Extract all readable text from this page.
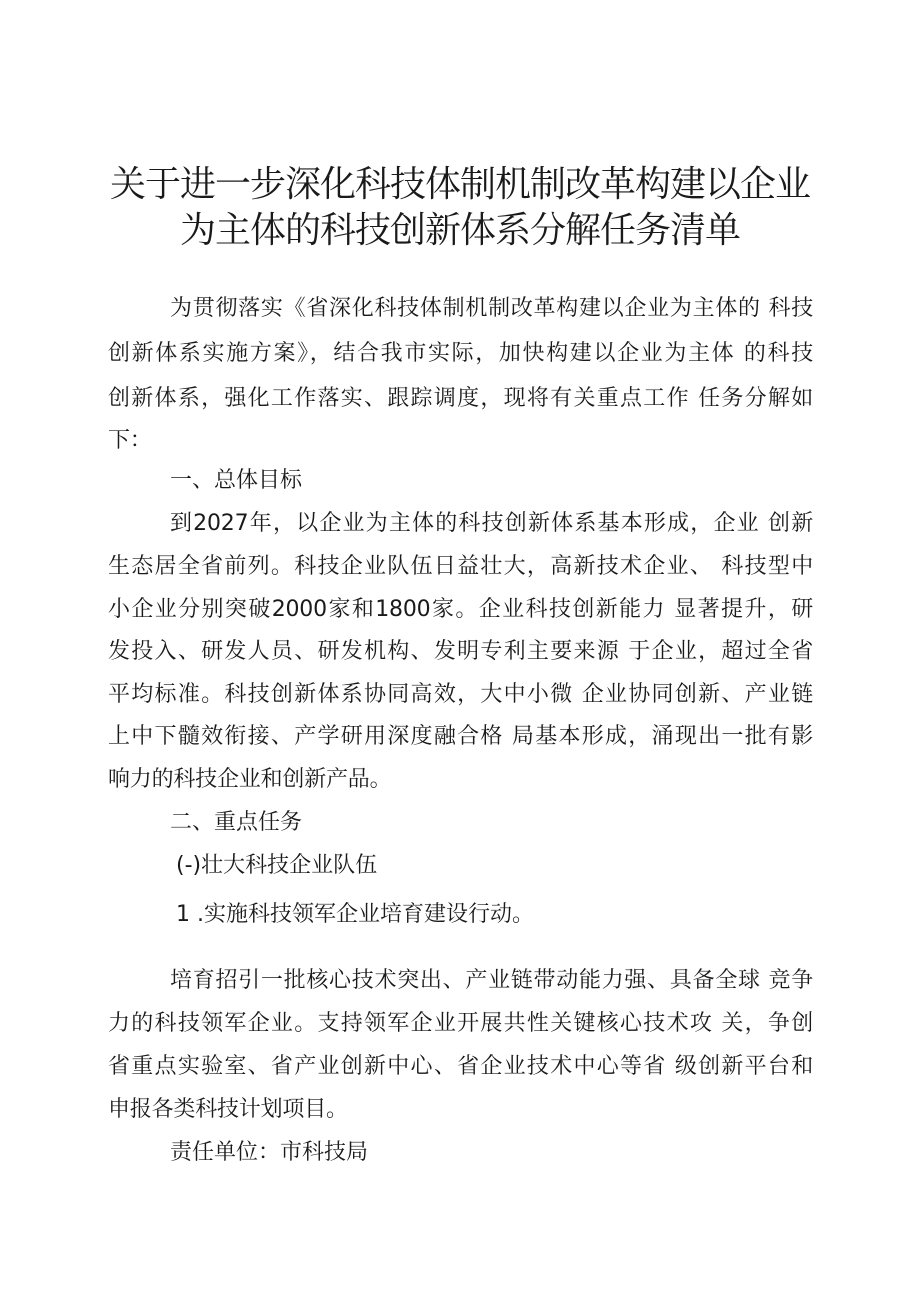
关于进一步深化科技体制机制改革构建以企业
为主体的科技创新体系分解任务清单
为贯彻落实《省深化科技体制机制改革构建以企业为主体的 科技
创新体系实施方案》，结合我市实际，加快构建以企业为主体 的科技
创新体系，强化工作落实、跟踪调度，现将有关重点工作 任务分解如
下：
一、总体目标
到2027年，以企业为主体的科技创新体系基本形成，企业 创新
生态居全省前列。科技企业队伍日益壮大，高新技术企业、 科技型中
小企业分别突破2000家和1800家。企业科技创新能力 显著提升，研
发投入、研发人员、研发机构、发明专利主要来源 于企业，超过全省
平均标准。科技创新体系协同高效，大中小微 企业协同创新、产业链
上中下髓效衔接、产学研用深度融合格 局基本形成，涌现出一批有影
响力的科技企业和创新产品。
二、重点任务
(-)壮大科技企业队伍
1 .实施科技领军企业培育建设行动。
培育招引一批核心技术突出、产业链带动能力强、具备全球 竞争
力的科技领军企业。支持领军企业开展共性关键核心技术攻 关，争创
省重点实验室、省产业创新中心、省企业技术中心等省 级创新平台和
申报各类科技计划项目。
责任单位：市科技局
